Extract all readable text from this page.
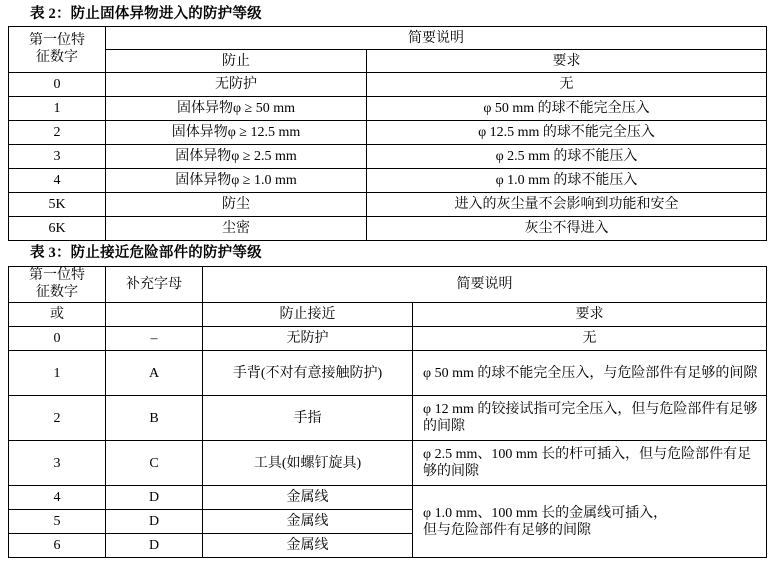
表 2：防止固体异物进入的防护等级
第一位特
征数字	简要说明	
	防止	要求
0	无防护	无
1	固体异物φ ≥ 50 mm	φ 50 mm 的球不能完全压入
2	固体异物φ ≥ 12.5 mm	φ 12.5 mm 的球不能完全压入
3	固体异物φ ≥ 2.5 mm	φ 2.5 mm 的球不能压入
4	固体异物φ ≥ 1.0 mm	φ 1.0 mm 的球不能压入
5K	防尘	进入的灰尘量不会影响到功能和安全
6K	尘密	灰尘不得进入
表 3：防止接近危险部件的防护等级
第一位特
征数字	补充字母	简要说明	
或		防止接近	要求
0	–	无防护	无
1	A	手背(不对有意接触防护)	φ 50 mm 的球不能完全压入，与危险部件有足够的间隙
2	B	手指	φ 12 mm 的铰接试指可完全压入，但与危险部件有足够的间隙
3	C	工具(如螺钉旋具)	φ 2.5 mm、100 mm 长的杆可插入，但与危险部件有足够的间隙
4	D	金属线	φ 1.0 mm、100 mm 长的金属线可插入，
但与危险部件有足够的间隙

5	D	金属线	
6	D	金属线	
